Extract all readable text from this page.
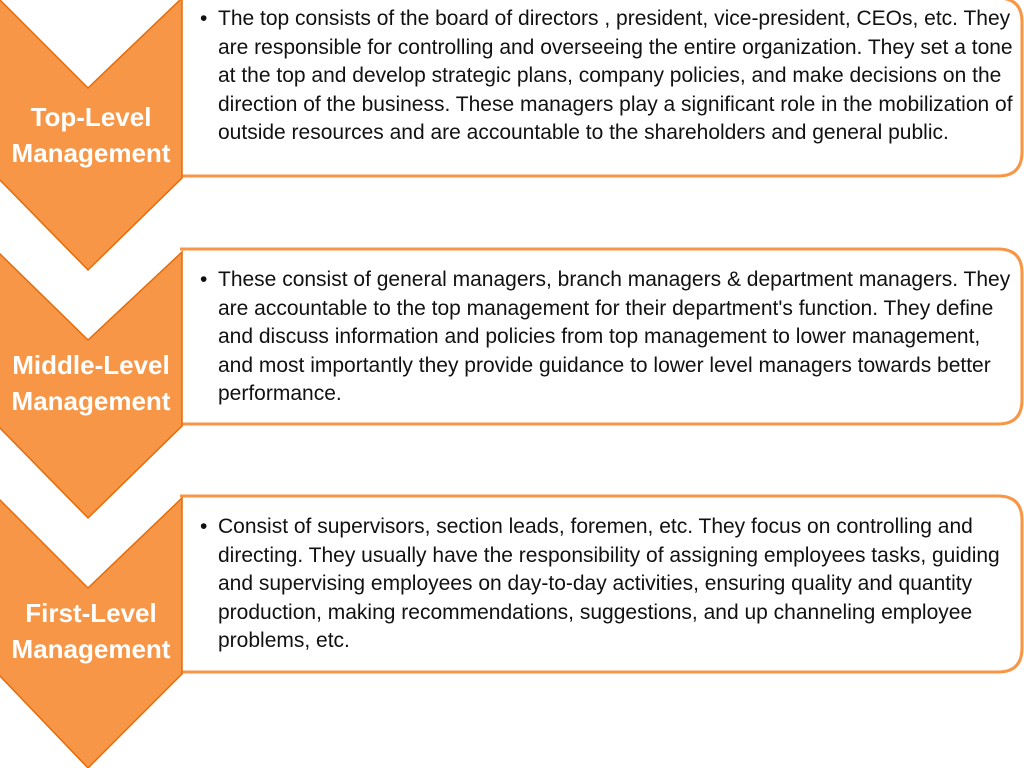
Top-Level
Management
Middle-Level
Management
First-Level
Management
• The top consists of the board of directors , president, vice-president, CEOs, etc. They are responsible for controlling and overseeing the entire organization. They set a tone at the top and develop strategic plans, company policies, and make decisions on the direction of the business. These managers play a significant role in the mobilization of outside resources and are accountable to the shareholders and general public.
• These consist of general managers, branch managers & department managers. They are accountable to the top management for their department's function. They define and discuss information and policies from top management to lower management, and most importantly they provide guidance to lower level managers towards better performance.
• Consist of supervisors, section leads, foremen, etc. They focus on controlling and directing. They usually have the responsibility of assigning employees tasks, guiding and supervising employees on day-to-day activities, ensuring quality and quantity production, making recommendations, suggestions, and up channeling employee problems, etc.
